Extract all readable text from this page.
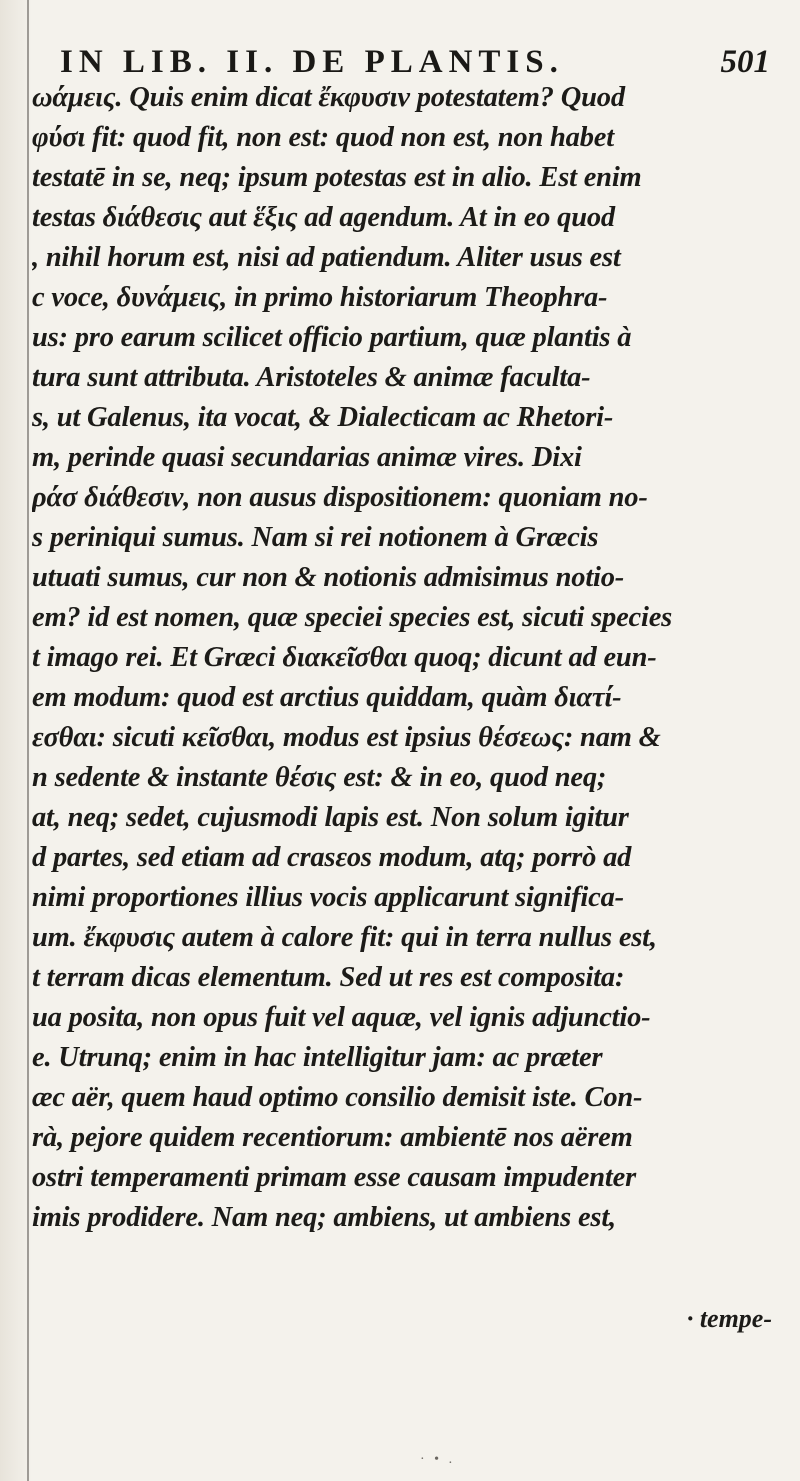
IN LIB. II. DE PLANTIS.	501
ωάμεις. Quis enim dicat ἔκφυσιν potestatem? Quod
φύσι fit: quod fit, non est: quod non est, non habet
testatē in se, neq; ipsum potestas est in alio. Est enim
testas διάθεσις aut ἕξις ad agendum. At in eo quod
, nihil horum est, nisi ad patiendum. Aliter usus est
c voce, δυνάμεις, in primo historiarum Theophra-
us: pro earum scilicet officio partium, quæ plantis à
tura sunt attributa. Aristoteles & animæ faculta-
s, ut Galenus, ita vocat, & Dialecticam ac Rhetori-
m, perinde quasi secundarias animæ vires. Dixi
ράσ διάθεσιν, non ausus dispositionem: quoniam no-
s periniqui sumus. Nam si rei notionem à Græcis
utuati sumus, cur non & notionis admisimus notio-
em? id est nomen, quæ speciei species est, sicuti species
t imago rei. Et Græci διακεῖσθαι quoq; dicunt ad eun-
em modum: quod est arctius quiddam, quàm διατί-
εσθαι: sicuti κεῖσθαι, modus est ipsius θέσεως: nam &
n sedente & instante θέσις est: & in eo, quod neq;
at, neq; sedet, cujusmodi lapis est. Non solum igitur
d partes, sed etiam ad crasεos modum, atq; porrò ad
nimi proportiones illius vocis applicarunt significa-
um. ἔκφυσις autem à calore fit: qui in terra nullus est,
t terram dicas elementum. Sed ut res est composita:
ua posita, non opus fuit vel aquæ, vel ignis adjunctio-
e. Utrunq; enim in hac intelligitur jam: ac præter
æc aër, quem haud optimo consilio demisit iste. Con-
rà, pejore quidem recentiorum: ambientē nos aërem
ostri temperamenti primam esse causam impudenter
imis prodidere. Nam neq; ambiens, ut ambiens est,
· tempe-
· • .
